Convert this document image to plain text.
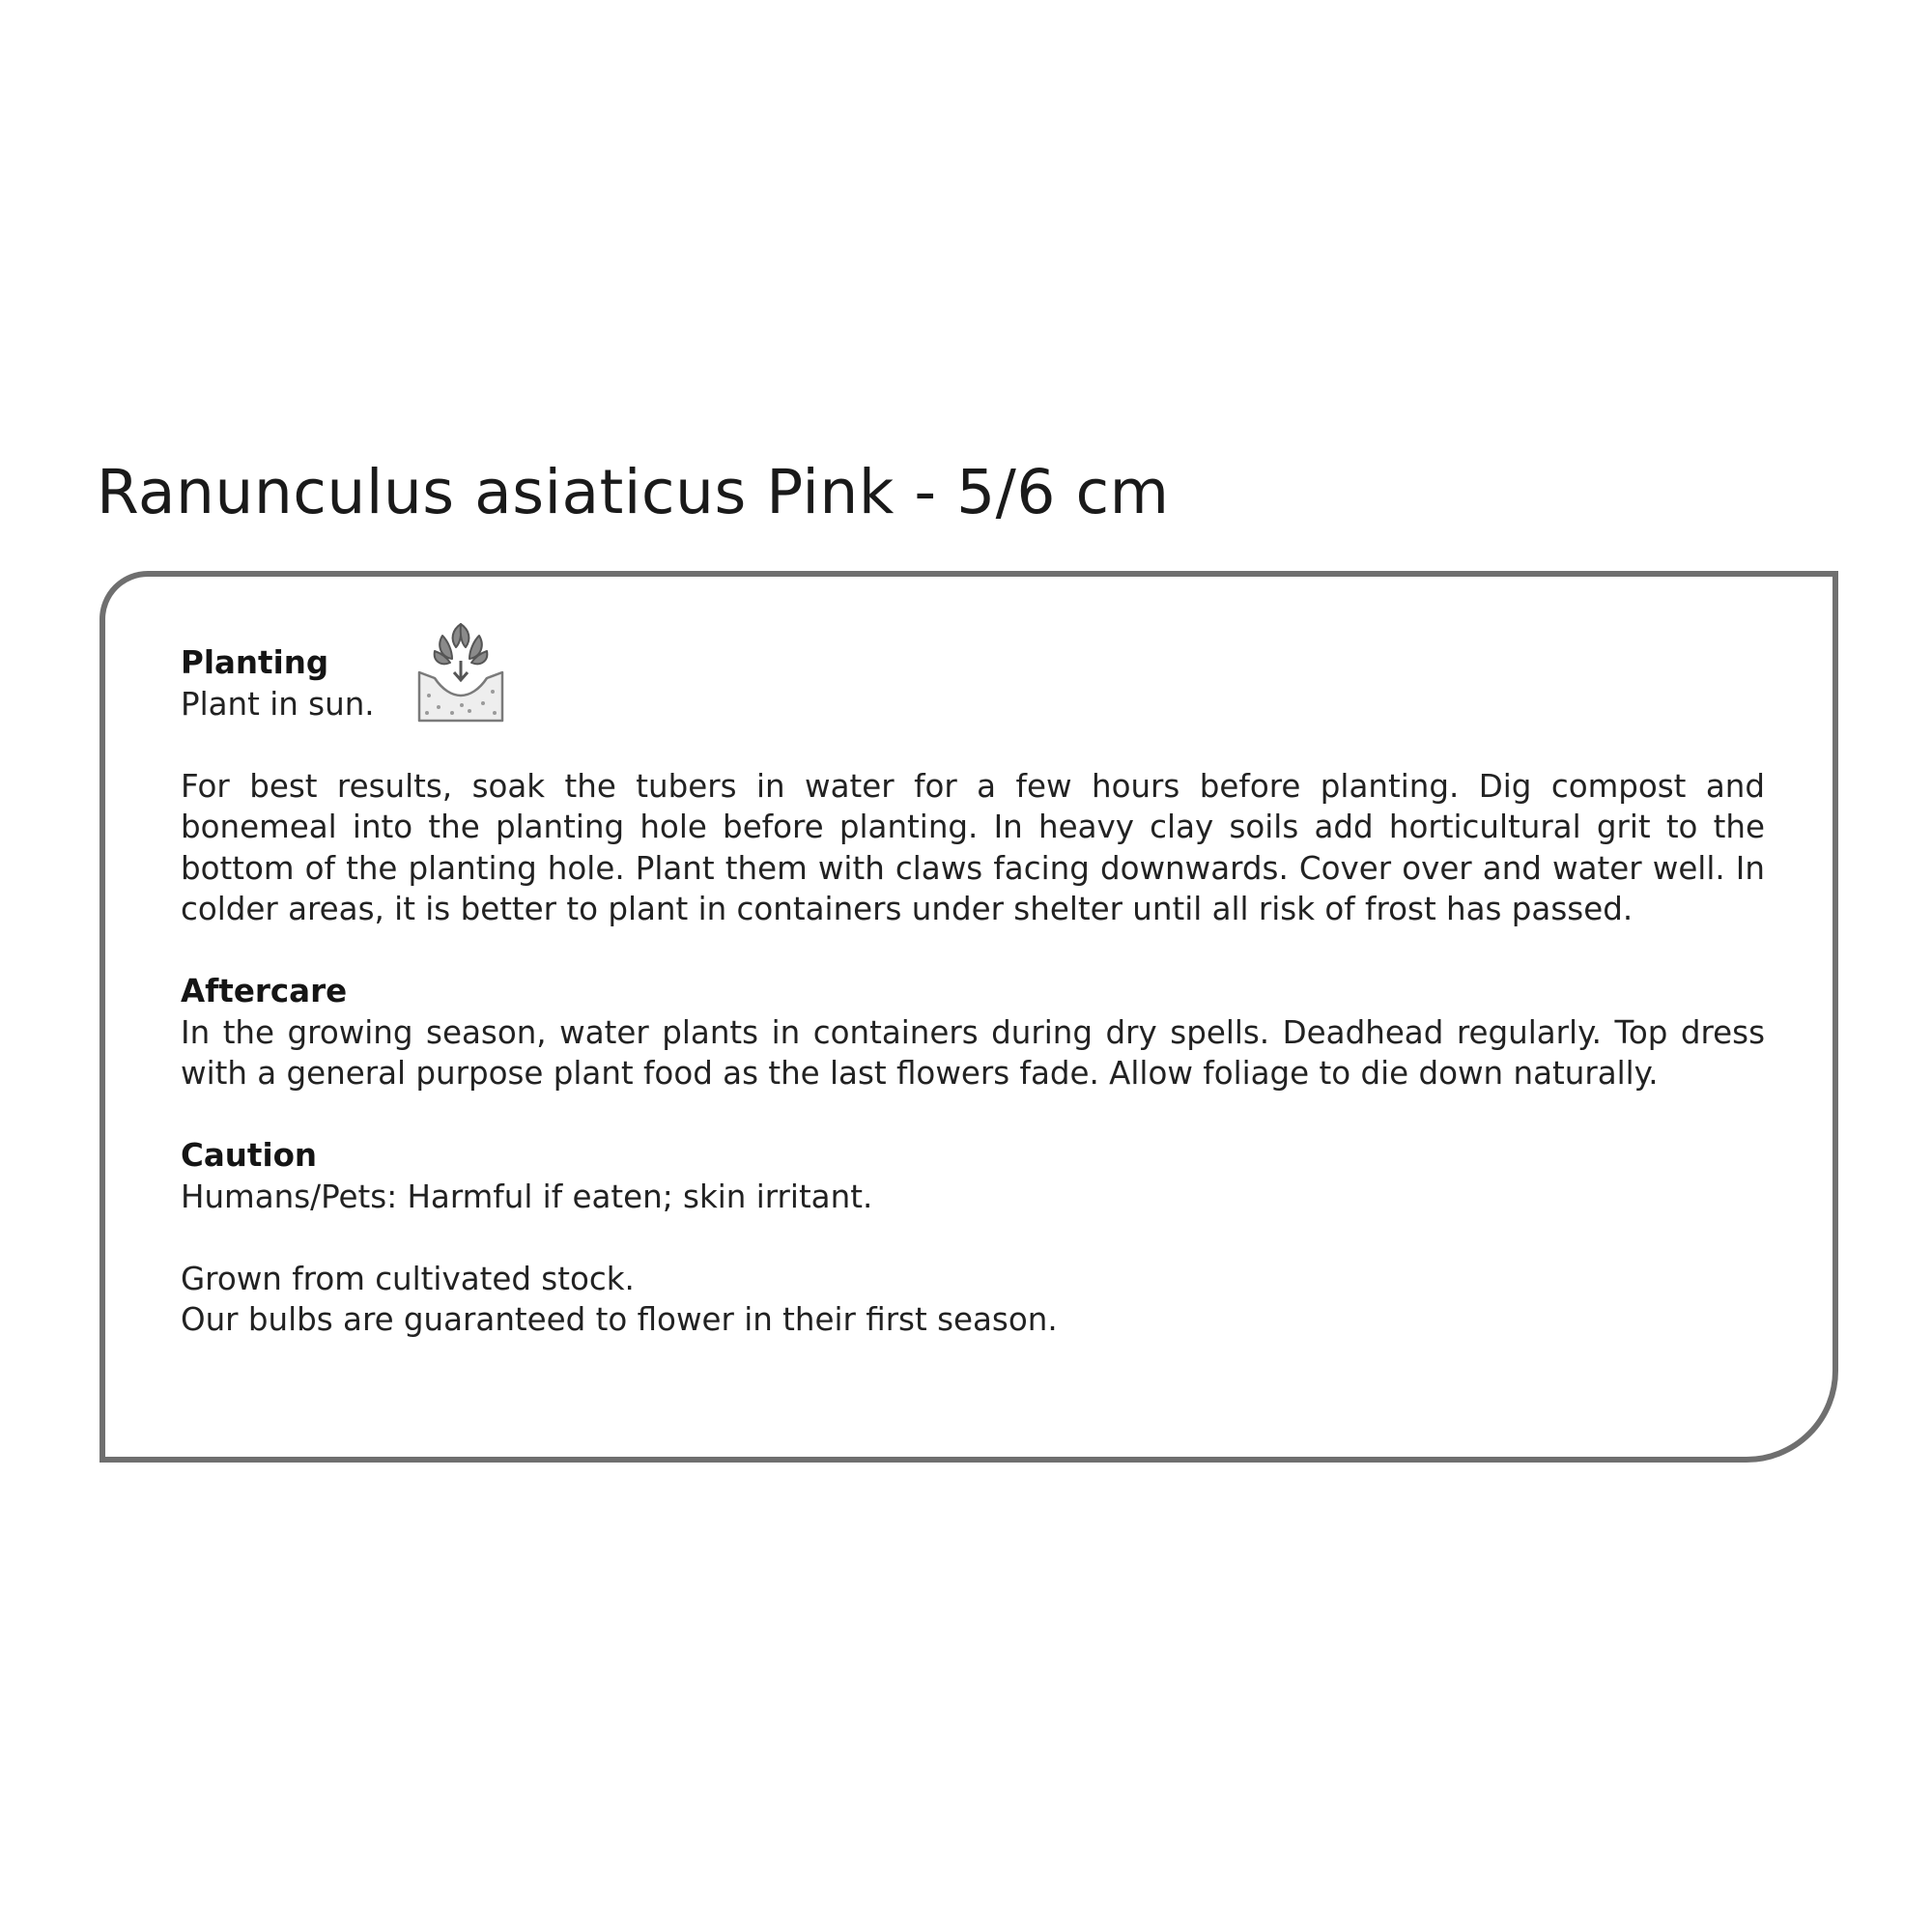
Ranunculus asiaticus Pink - 5/6 cm
Planting
Plant in sun.

For best results, soak the tubers in water for a few hours before planting. Dig compost and bonemeal into the planting hole before planting. In heavy clay soils add horticultural grit to the bottom of the planting hole. Plant them with claws facing downwards. Cover over and water well. In colder areas, it is better to plant in containers under shelter until all risk of frost has passed.

Aftercare

In the growing season, water plants in containers during dry spells. Deadhead regularly. Top dress with a general purpose plant food as the last flowers fade. Allow foliage to die down naturally.

Caution

Humans/Pets: Harmful if eaten; skin irritant.

Grown from cultivated stock.
Our bulbs are guaranteed to flower in their first season.
